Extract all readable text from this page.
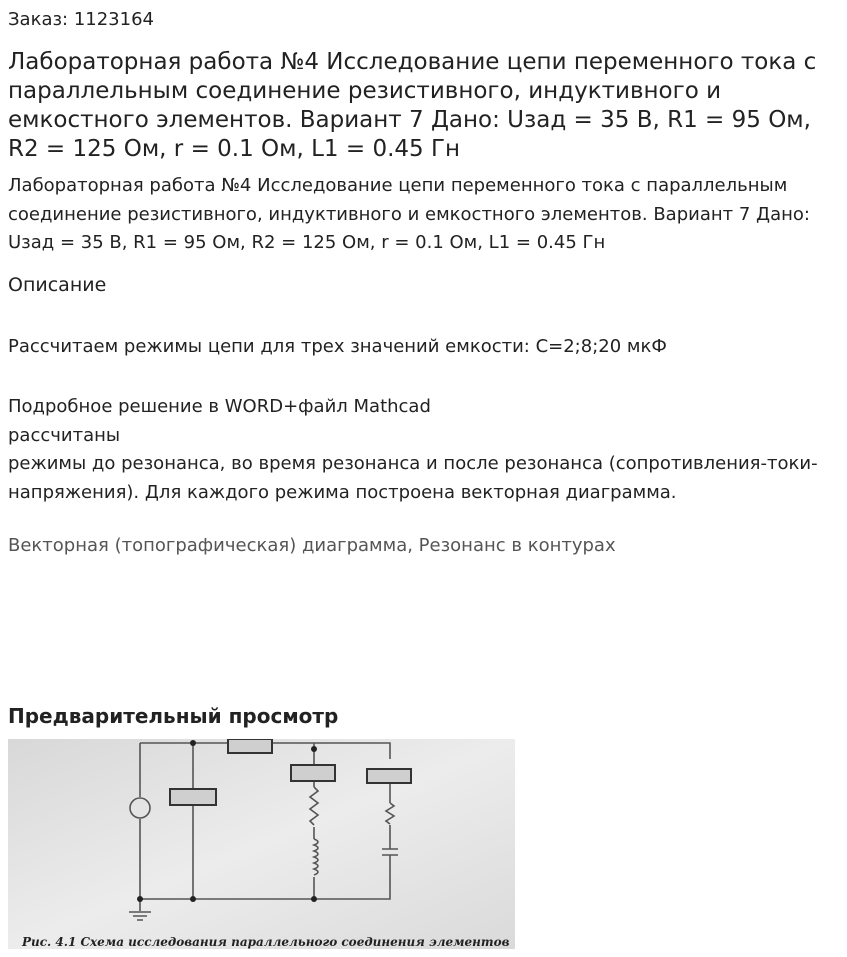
Заказ: 1123164
Лабораторная работа №4 Исследование цепи переменного тока с параллельным соединение резистивного, индуктивного и емкостного элементов. Вариант 7 Дано: Uзад = 35 В, R1 = 95 Ом, R2 = 125 Ом, r = 0.1 Ом, L1 = 0.45 Гн

Лабораторная работа №4 Исследование цепи переменного тока с параллельным соединение резистивного, индуктивного и емкостного элементов. Вариант 7 Дано: Uзад = 35 В, R1 = 95 Ом, R2 = 125 Ом, r = 0.1 Ом, L1 = 0.45 Гн

Описание

Рассчитаем режимы цепи для трех значений емкости: C=2;8;20 мкФ

Подробное решение в WORD+файл Mathcad
рассчитаны
режимы до резонанса, во время резонанса и после резонанса (сопротивления-токи-напряжения). Для каждого режима построена векторная диаграмма.

Векторная (топографическая) диаграмма, Резонанс в контурах

Предварительный просмотр
Рис. 4.1 Схема исследования параллельного соединения элементов
